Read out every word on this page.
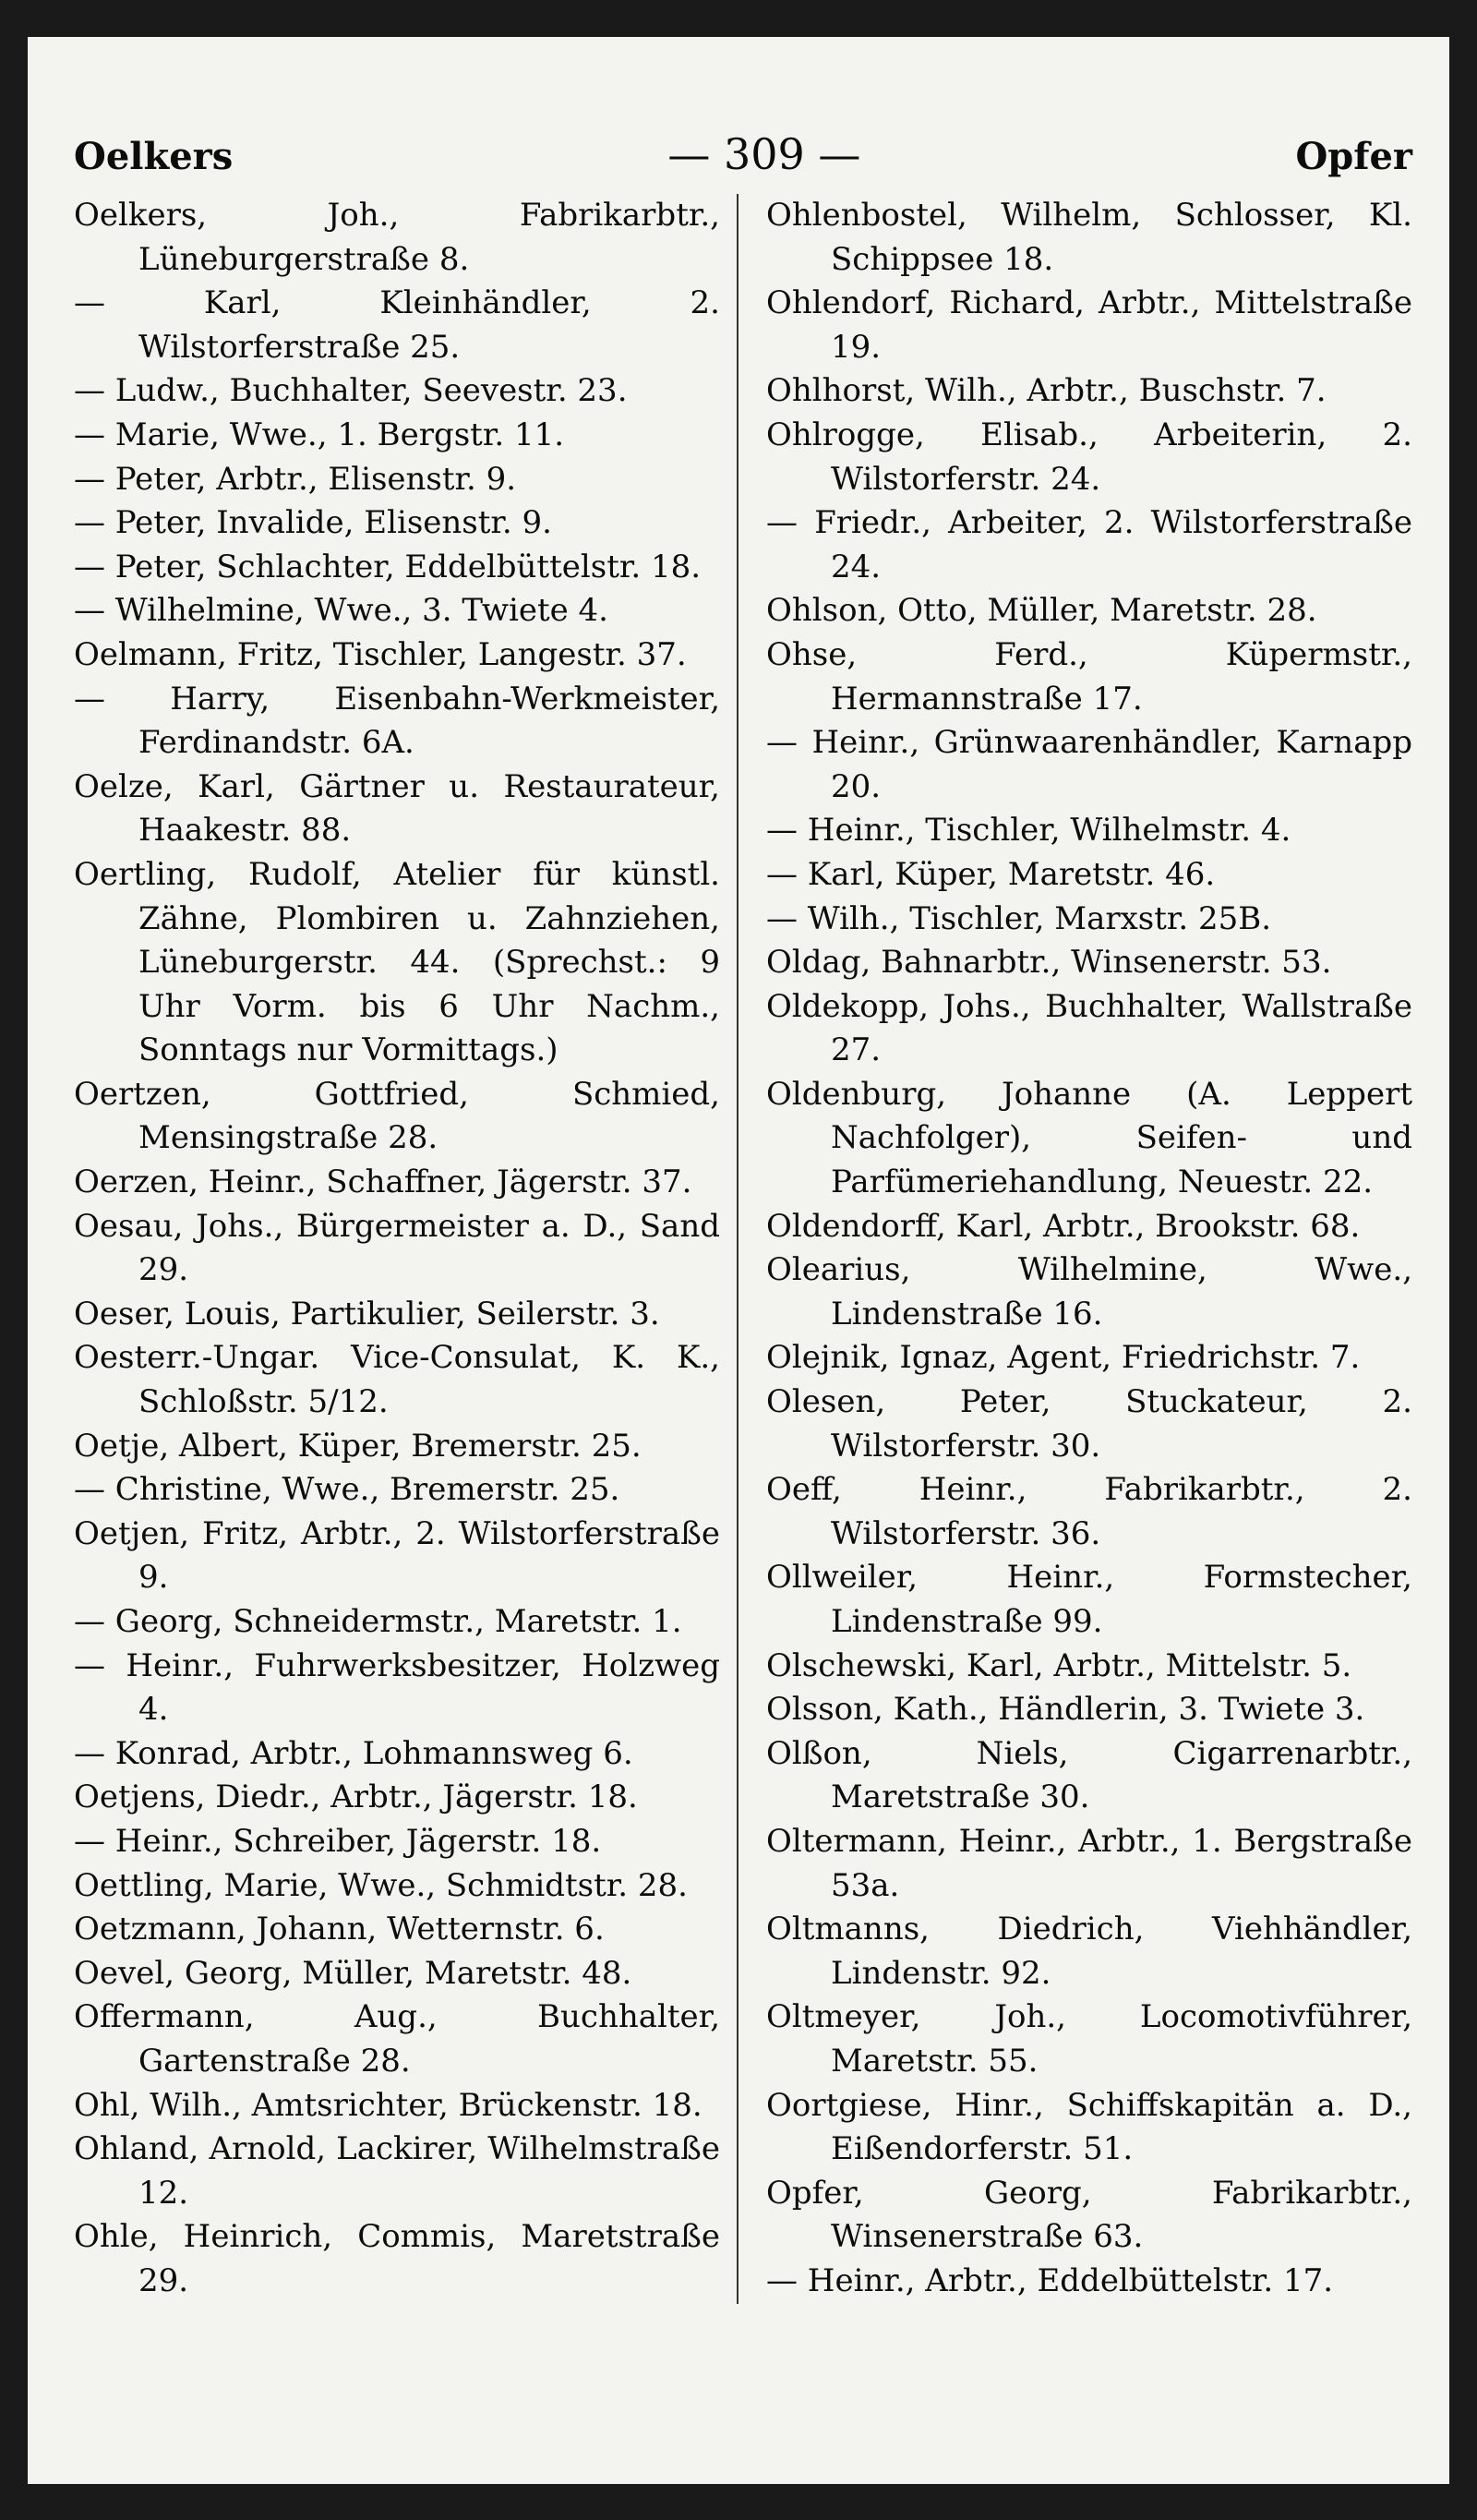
Oelkers	— 309 —	Opfer
Oelkers, Joh., Fabrikarbtr., Lüneburgerstraße 8.
— Karl, Kleinhändler, 2. Wilstorferstraße 25.
— Ludw., Buchhalter, Seevestr. 23.
— Marie, Wwe., 1. Bergstr. 11.
— Peter, Arbtr., Elisenstr. 9.
— Peter, Invalide, Elisenstr. 9.
— Peter, Schlachter, Eddelbüttelstr. 18.
— Wilhelmine, Wwe., 3. Twiete 4.
Oelmann, Fritz, Tischler, Langestr. 37.
— Harry, Eisenbahn-Werkmeister, Ferdinandstr. 6A.
Oelze, Karl, Gärtner u. Restaurateur, Haakestr. 88.
Oertling, Rudolf, Atelier für künstl. Zähne, Plombiren u. Zahnziehen, Lüneburgerstr. 44. (Sprechst.: 9 Uhr Vorm. bis 6 Uhr Nachm., Sonntags nur Vormittags.)
Oertzen, Gottfried, Schmied, Mensingstraße 28.
Oerzen, Heinr., Schaffner, Jägerstr. 37.
Oesau, Johs., Bürgermeister a. D., Sand 29.
Oeser, Louis, Partikulier, Seilerstr. 3.
Oesterr.-Ungar. Vice-Consulat, K. K., Schloßstr. 5/12.
Oetje, Albert, Küper, Bremerstr. 25.
— Christine, Wwe., Bremerstr. 25.
Oetjen, Fritz, Arbtr., 2. Wilstorferstraße 9.
— Georg, Schneidermstr., Maretstr. 1.
— Heinr., Fuhrwerksbesitzer, Holzweg 4.
— Konrad, Arbtr., Lohmannsweg 6.
Oetjens, Diedr., Arbtr., Jägerstr. 18.
— Heinr., Schreiber, Jägerstr. 18.
Oettling, Marie, Wwe., Schmidtstr. 28.
Oetzmann, Johann, Wetternstr. 6.
Oevel, Georg, Müller, Maretstr. 48.
Offermann, Aug., Buchhalter, Gartenstraße 28.
Ohl, Wilh., Amtsrichter, Brückenstr. 18.
Ohland, Arnold, Lackirer, Wilhelmstraße 12.
Ohle, Heinrich, Commis, Maretstraße 29.
Ohlenbostel, Wilhelm, Schlosser, Kl. Schippsee 18.
Ohlendorf, Richard, Arbtr., Mittelstraße 19.
Ohlhorst, Wilh., Arbtr., Buschstr. 7.
Ohlrogge, Elisab., Arbeiterin, 2. Wilstorferstr. 24.
— Friedr., Arbeiter, 2. Wilstorferstraße 24.
Ohlson, Otto, Müller, Maretstr. 28.
Ohse, Ferd., Küpermstr., Hermannstraße 17.
— Heinr., Grünwaarenhändler, Karnapp 20.
— Heinr., Tischler, Wilhelmstr. 4.
— Karl, Küper, Maretstr. 46.
— Wilh., Tischler, Marxstr. 25B.
Oldag, Bahnarbtr., Winsenerstr. 53.
Oldekopp, Johs., Buchhalter, Wallstraße 27.
Oldenburg, Johanne (A. Leppert Nachfolger), Seifen- und Parfümeriehandlung, Neuestr. 22.
Oldendorff, Karl, Arbtr., Brookstr. 68.
Olearius, Wilhelmine, Wwe., Lindenstraße 16.
Olejnik, Ignaz, Agent, Friedrichstr. 7.
Olesen, Peter, Stuckateur, 2. Wilstorferstr. 30.
Oeff, Heinr., Fabrikarbtr., 2. Wilstorferstr. 36.
Ollweiler, Heinr., Formstecher, Lindenstraße 99.
Olschewski, Karl, Arbtr., Mittelstr. 5.
Olsson, Kath., Händlerin, 3. Twiete 3.
Olßon, Niels, Cigarrenarbtr., Maretstraße 30.
Oltermann, Heinr., Arbtr., 1. Bergstraße 53a.
Oltmanns, Diedrich, Viehhändler, Lindenstr. 92.
Oltmeyer, Joh., Locomotivführer, Maretstr. 55.
Oortgiese, Hinr., Schiffskapitän a. D., Eißendorferstr. 51.
Opfer, Georg, Fabrikarbtr., Winsenerstraße 63.
— Heinr., Arbtr., Eddelbüttelstr. 17.
